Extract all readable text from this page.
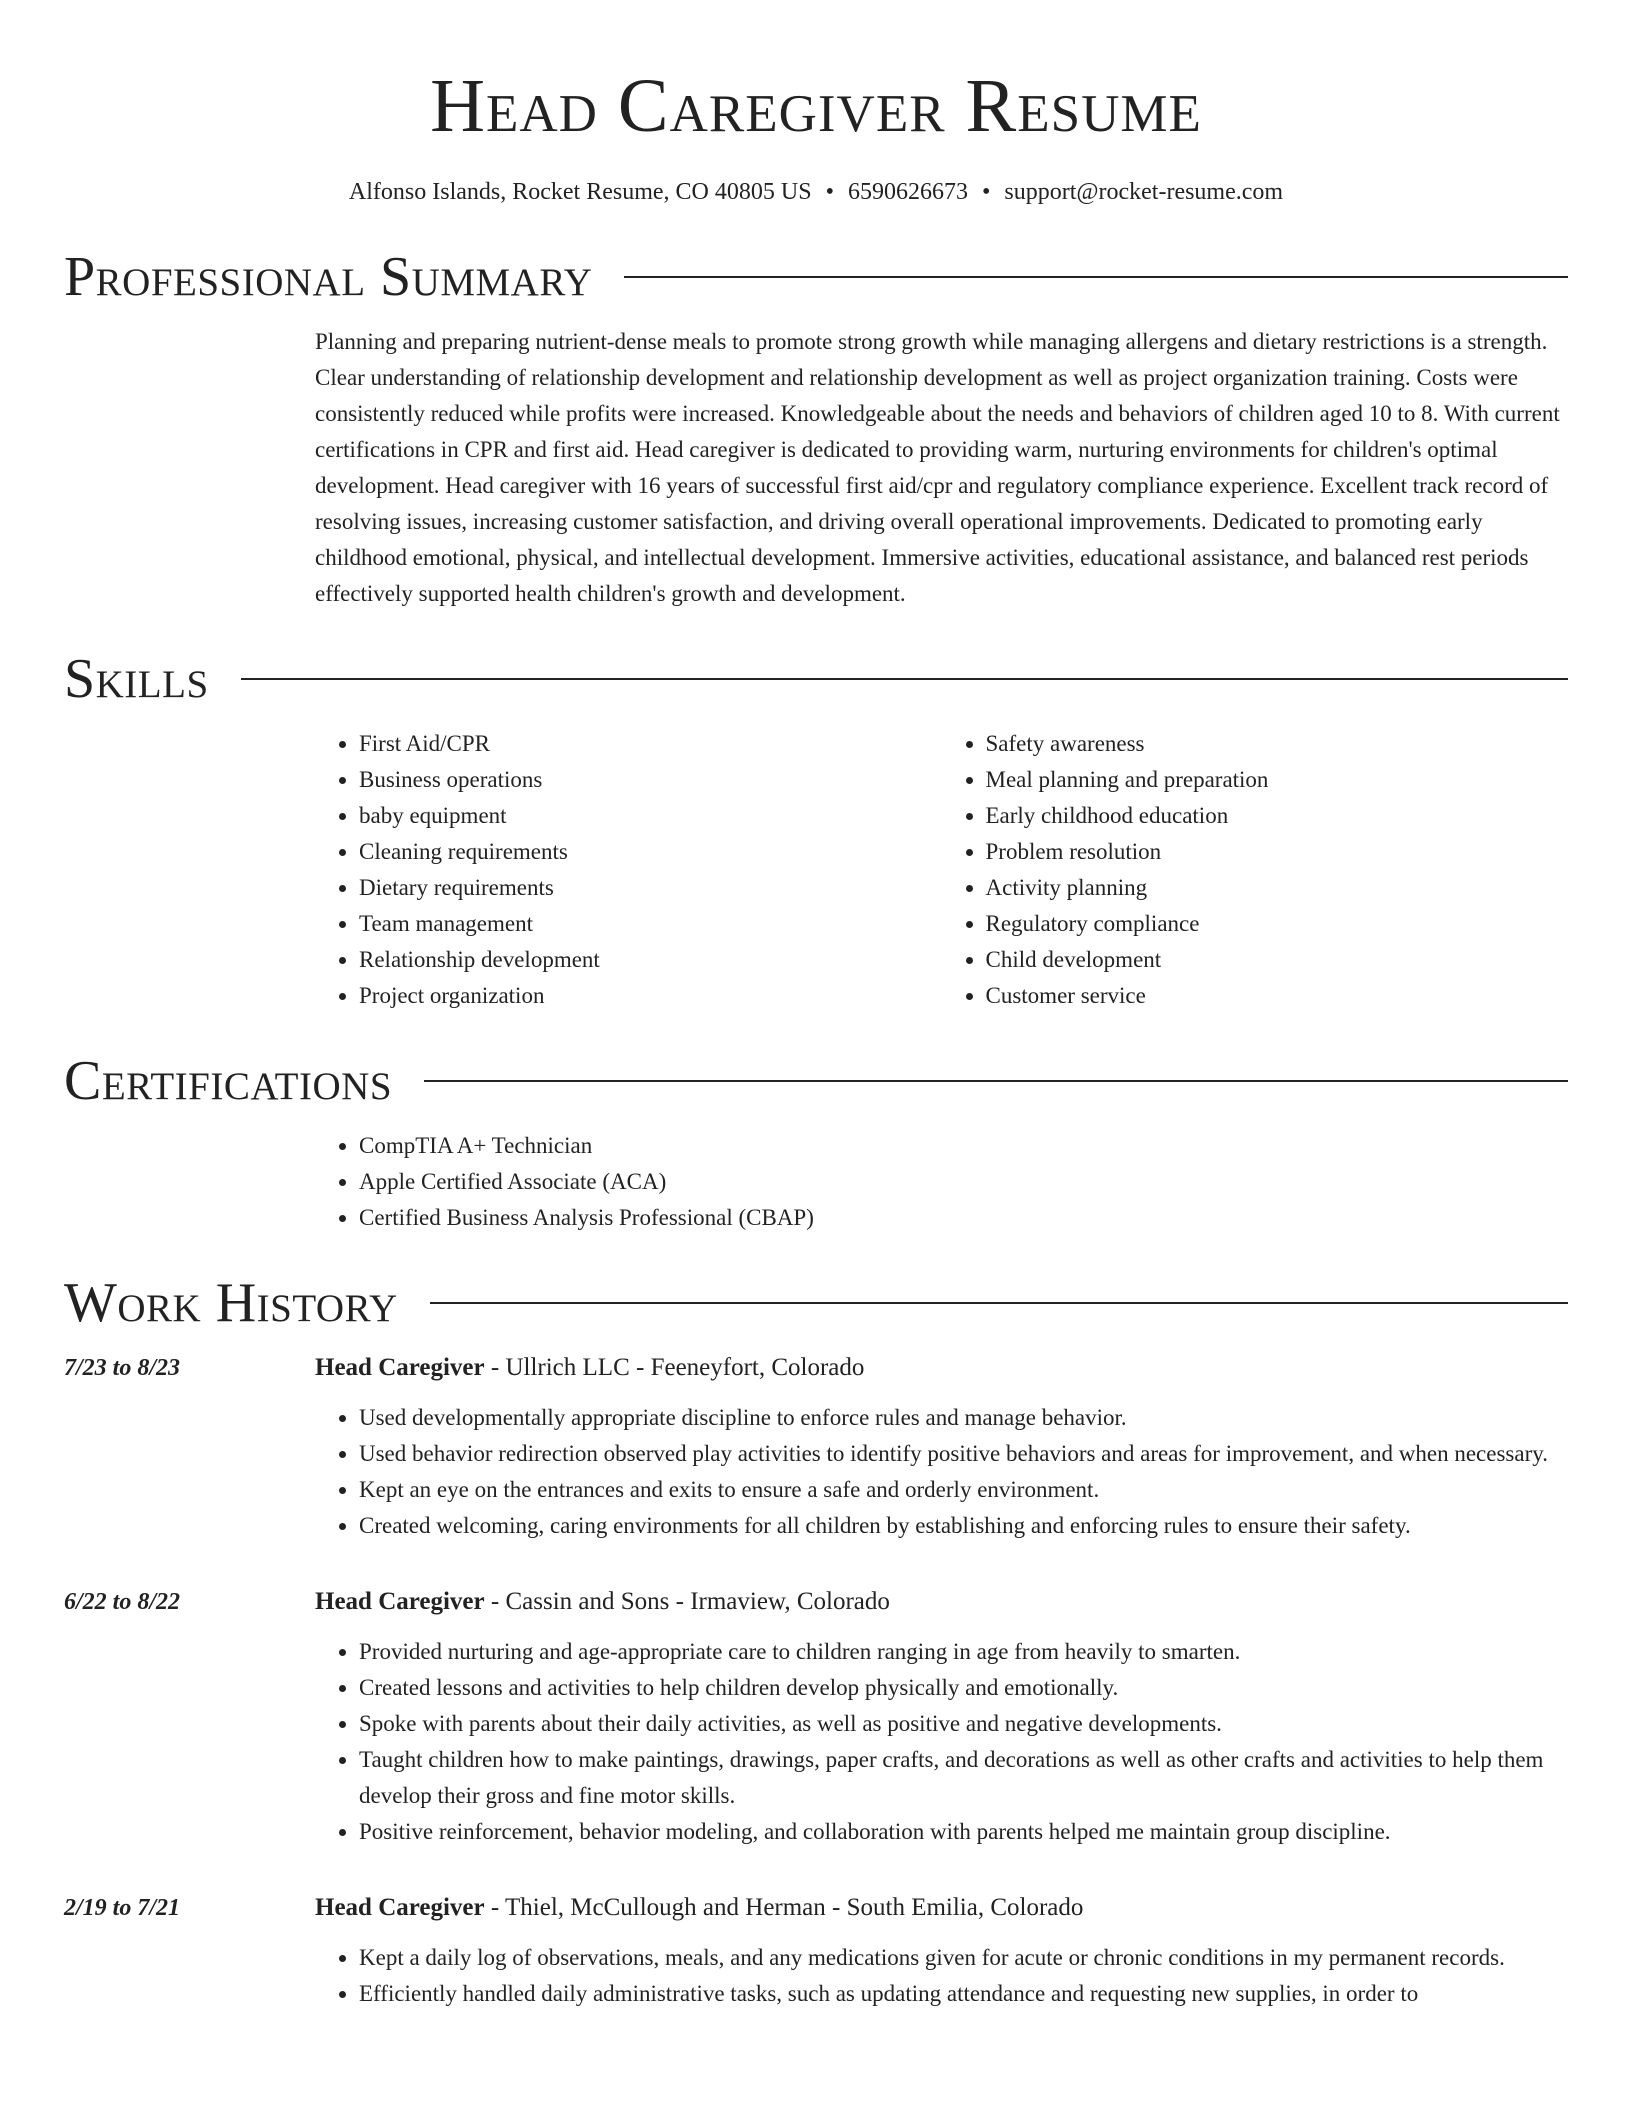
Head Caregiver Resume
Alfonso Islands, Rocket Resume, CO 40805 US • 6590626673 • support@rocket-resume.com
Professional Summary
Planning and preparing nutrient-dense meals to promote strong growth while managing allergens and dietary restrictions is a strength. Clear understanding of relationship development and relationship development as well as project organization training. Costs were consistently reduced while profits were increased. Knowledgeable about the needs and behaviors of children aged 10 to 8. With current certifications in CPR and first aid. Head caregiver is dedicated to providing warm, nurturing environments for children's optimal development. Head caregiver with 16 years of successful first aid/cpr and regulatory compliance experience. Excellent track record of resolving issues, increasing customer satisfaction, and driving overall operational improvements. Dedicated to promoting early childhood emotional, physical, and intellectual development. Immersive activities, educational assistance, and balanced rest periods effectively supported health children's growth and development.
Skills
• First Aid/CPR
• Business operations
• baby equipment
• Cleaning requirements
• Dietary requirements
• Team management
• Relationship development
• Project organization
• Safety awareness
• Meal planning and preparation
• Early childhood education
• Problem resolution
• Activity planning
• Regulatory compliance
• Child development
• Customer service
Certifications
• CompTIA A+ Technician
• Apple Certified Associate (ACA)
• Certified Business Analysis Professional (CBAP)
Work History
7/23 to 8/23	Head Caregiver - Ullrich LLC - Feeneyfort, Colorado
• Used developmentally appropriate discipline to enforce rules and manage behavior.
• Used behavior redirection observed play activities to identify positive behaviors and areas for improvement, and when necessary.
• Kept an eye on the entrances and exits to ensure a safe and orderly environment.
• Created welcoming, caring environments for all children by establishing and enforcing rules to ensure their safety.
6/22 to 8/22	Head Caregiver - Cassin and Sons - Irmaview, Colorado
• Provided nurturing and age-appropriate care to children ranging in age from heavily to smarten.
• Created lessons and activities to help children develop physically and emotionally.
• Spoke with parents about their daily activities, as well as positive and negative developments.
• Taught children how to make paintings, drawings, paper crafts, and decorations as well as other crafts and activities to help them develop their gross and fine motor skills.
• Positive reinforcement, behavior modeling, and collaboration with parents helped me maintain group discipline.
2/19 to 7/21	Head Caregiver - Thiel, McCullough and Herman - South Emilia, Colorado
• Kept a daily log of observations, meals, and any medications given for acute or chronic conditions in my permanent records.
• Efficiently handled daily administrative tasks, such as updating attendance and requesting new supplies, in order to
